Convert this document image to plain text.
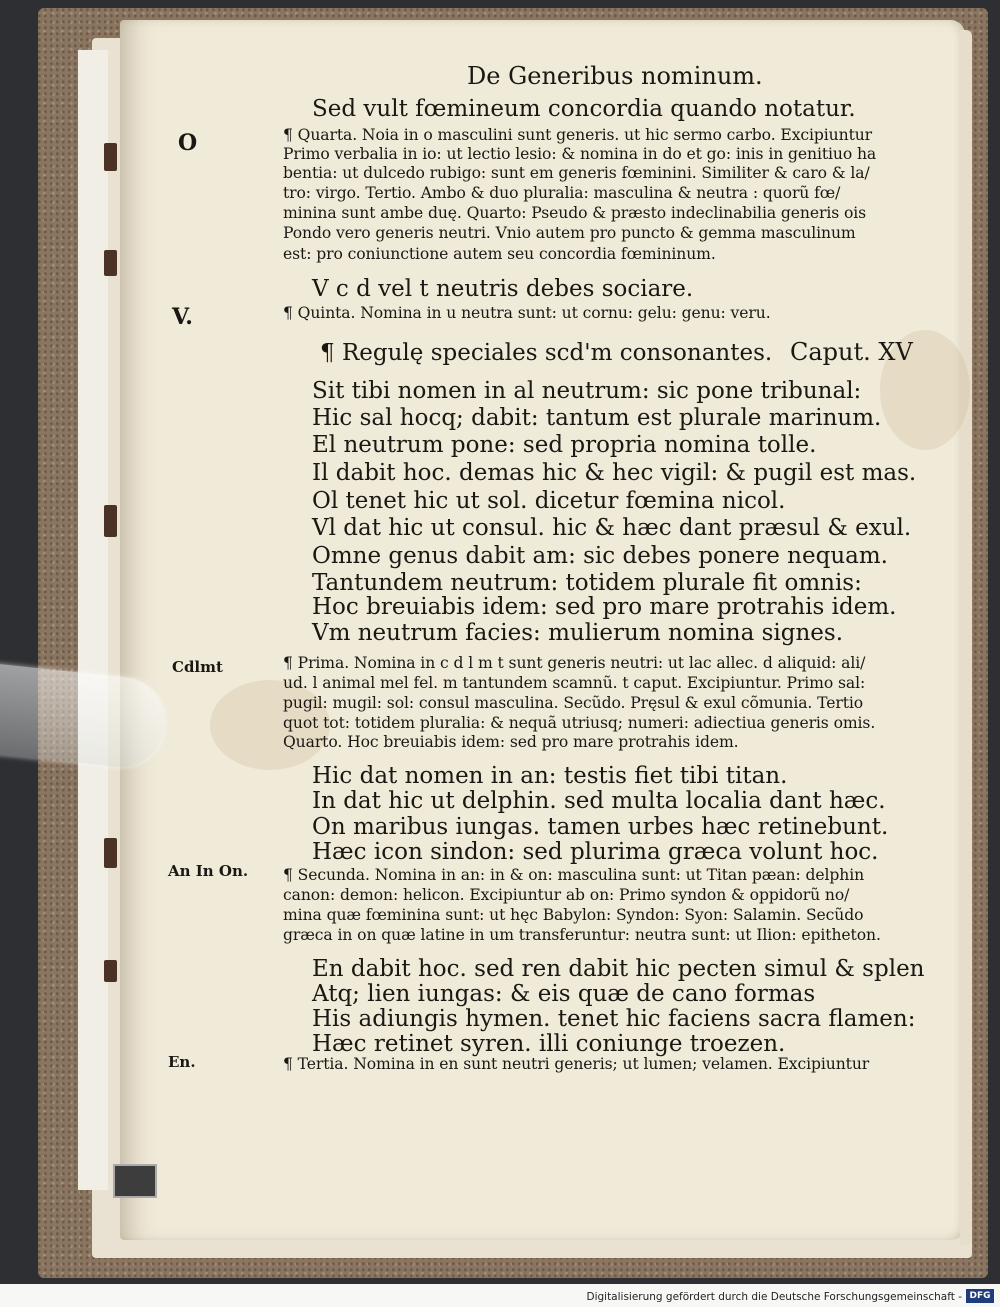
De Generibus nominum.
Sed vult fœmineum concordia quando notatur.
¶ Quarta. Noia in o masculini sunt generis. ut hic sermo carbo. Excipiuntur
Primo verbalia in io: ut lectio lesio: & nomina in do et go: inis in genitiuo ha
bentia: ut dulcedo rubigo: sunt em generis fœminini. Similiter & caro & la/
tro: virgo. Tertio. Ambo & duo pluralia: masculina & neutra : quorũ fœ/
minina sunt ambe duę. Quarto: Pseudo & præsto indeclinabilia generis ois
Pondo vero generis neutri. Vnio autem pro puncto & gemma masculinum
est: pro coniunctione autem seu concordia fœmininum.
V c d vel t neutris debes sociare.
¶ Quinta. Nomina in u neutra sunt: ut cornu: gelu: genu: veru.
¶ Regulę speciales scd'm consonantes. Caput. XV
Sit tibi nomen in al neutrum: sic pone tribunal:
Hic sal hocq; dabit: tantum est plurale marinum.
El neutrum pone: sed propria nomina tolle.
Il dabit hoc. demas hic & hec vigil: & pugil est mas.
Ol tenet hic ut sol. dicetur fœmina nicol.
Vl dat hic ut consul. hic & hæc dant præsul & exul.
Omne genus dabit am: sic debes ponere nequam.
Tantundem neutrum: totidem plurale fit omnis:
Hoc breuiabis idem: sed pro mare protrahis idem.
Vm neutrum facies: mulierum nomina signes.
¶ Prima. Nomina in c d l m t sunt generis neutri: ut lac allec. d aliquid: ali/
ud. l animal mel fel. m tantundem scamnũ. t caput. Excipiuntur. Primo sal:
pugil: mugil: sol: consul masculina. Secũdo. Pręsul & exul cõmunia. Tertio
quot tot: totidem pluralia: & nequã utriusq; numeri: adiectiua generis omis.
Quarto. Hoc breuiabis idem: sed pro mare protrahis idem.
Hic dat nomen in an: testis fiet tibi titan.
In dat hic ut delphin. sed multa localia dant hæc.
On maribus iungas. tamen urbes hæc retinebunt.
Hæc icon sindon: sed plurima græca volunt hoc.
¶ Secunda. Nomina in an: in & on: masculina sunt: ut Titan pæan: delphin
canon: demon: helicon. Excipiuntur ab on: Primo syndon & oppidorũ no/
mina quæ fœminina sunt: ut hęc Babylon: Syndon: Syon: Salamin. Secũdo
græca in on quæ latine in um transferuntur: neutra sunt: ut Ilion: epitheton.
En dabit hoc. sed ren dabit hic pecten simul & splen
Atq; lien iungas: & eis quæ de cano formas
His adiungis hymen. tenet hic faciens sacra flamen:
Hæc retinet syren. illi coniunge troezen.
¶ Tertia. Nomina in en sunt neutri generis; ut lumen; velamen. Excipiuntur
O
V.
Cdlmt
An In On.
En.
Digitalisierung gefördert durch die Deutsche Forschungsgemeinschaft - DFG
